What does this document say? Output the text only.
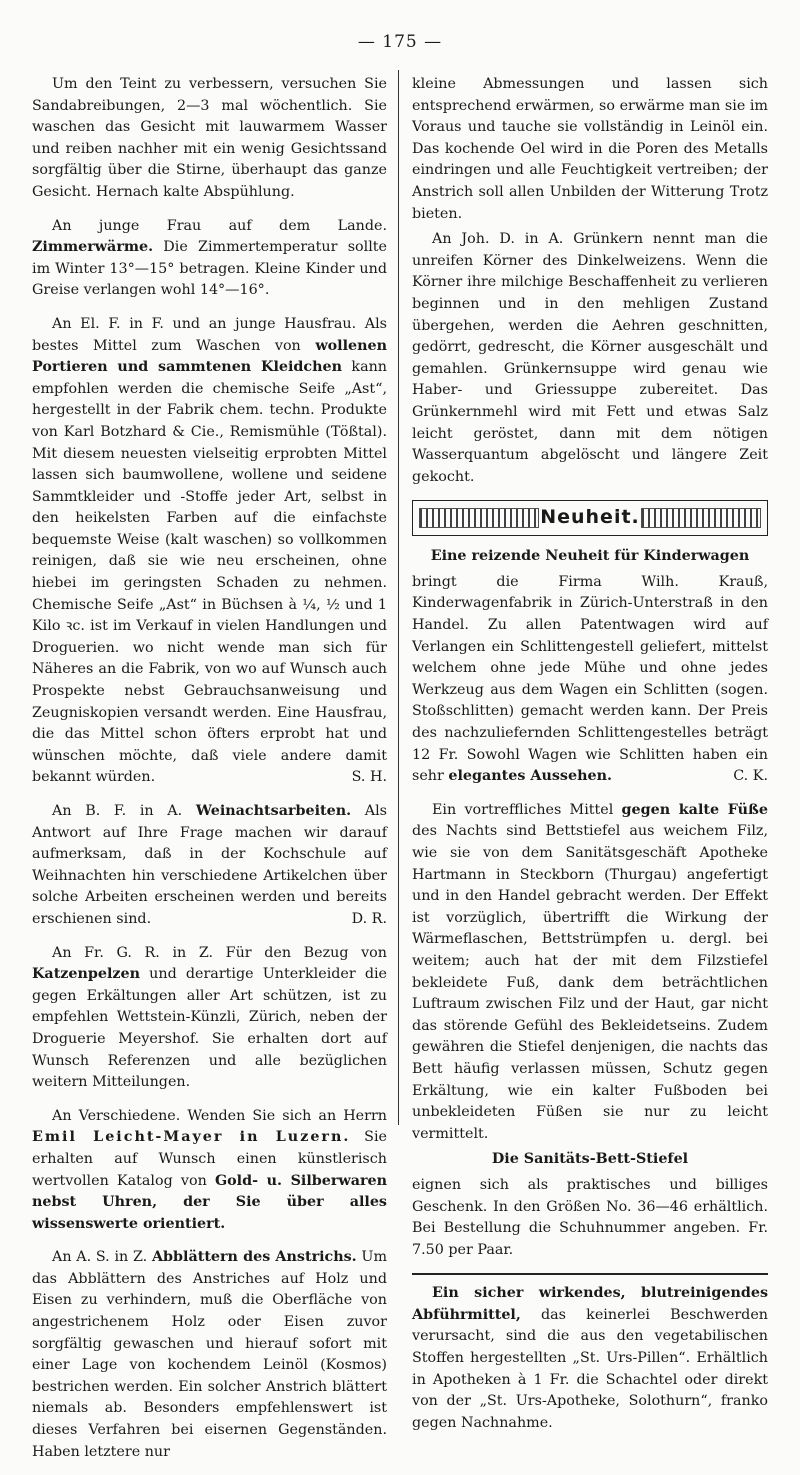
— 175 —

Um den Teint zu verbessern, versuchen Sie Sandabreibungen, 2—3 mal wöchentlich. Sie waschen das Gesicht mit lauwarmem Wasser und reiben nachher mit ein wenig Gesichtssand sorgfältig über die Stirne, überhaupt das ganze Gesicht. Hernach kalte Abspühlung.

An junge Frau auf dem Lande. Zimmerwärme. Die Zimmertemperatur sollte im Winter 13°—15° betragen. Kleine Kinder und Greise verlangen wohl 14°—16°.

An El. F. in F. und an junge Hausfrau. Als bestes Mittel zum Waschen von wollenen Portieren und sammtenen Kleidchen kann empfohlen werden die chemische Seife „Ast“, hergestellt in der Fabrik chem. techn. Produkte von Karl Botzhard & Cie., Remismühle (Tößtal). Mit diesem neuesten vielseitig erprobten Mittel lassen sich baumwollene, wollene und seidene Sammtkleider und -Stoffe jeder Art, selbst in den heikelsten Farben auf die einfachste bequemste Weise (kalt waschen) so vollkommen reinigen, daß sie wie neu erscheinen, ohne hiebei im geringsten Schaden zu nehmen. Chemische Seife „Ast“ in Büchsen à ¼, ½ und 1 Kilo ꝛc. ist im Verkauf in vielen Handlungen und Droguerien. wo nicht wende man sich für Näheres an die Fabrik, von wo auf Wunsch auch Prospekte nebst Gebrauchsanweisung und Zeugniskopien versandt werden. Eine Hausfrau, die das Mittel schon öfters erprobt hat und wünschen möchte, daß viele andere damit bekannt würden.	S. H.

An B. F. in A. Weinachtsarbeiten. Als Antwort auf Ihre Frage machen wir darauf aufmerksam, daß in der Kochschule auf Weihnachten hin verschiedene Artikelchen über solche Arbeiten erscheinen werden und bereits erschienen sind.	D. R.

An Fr. G. R. in Z. Für den Bezug von Katzenpelzen und derartige Unterkleider die gegen Erkältungen aller Art schützen, ist zu empfehlen Wettstein-Künzli, Zürich, neben der Droguerie Meyershof. Sie erhalten dort auf Wunsch Referenzen und alle bezüglichen weitern Mitteilungen.

An Verschiedene. Wenden Sie sich an Herrn Emil Leicht-Mayer in Luzern. Sie erhalten auf Wunsch einen künstlerisch wertvollen Katalog von Gold- u. Silberwaren nebst Uhren, der Sie über alles wissenswerte orientiert.

An A. S. in Z. Abblättern des Anstrichs. Um das Abblättern des Anstriches auf Holz und Eisen zu verhindern, muß die Oberfläche von angestrichenem Holz oder Eisen zuvor sorgfältig gewaschen und hierauf sofort mit einer Lage von kochendem Leinöl (Kosmos) bestrichen werden. Ein solcher Anstrich blättert niemals ab. Besonders empfehlenswert ist dieses Verfahren bei eisernen Gegenständen. Haben letztere nur

kleine Abmessungen und lassen sich entsprechend erwärmen, so erwärme man sie im Voraus und tauche sie vollständig in Leinöl ein. Das kochende Oel wird in die Poren des Metalls eindringen und alle Feuchtigkeit vertreiben; der Anstrich soll allen Unbilden der Witterung Trotz bieten.

An Joh. D. in A. Grünkern nennt man die unreifen Körner des Dinkelweizens. Wenn die Körner ihre milchige Beschaffenheit zu verlieren beginnen und in den mehligen Zustand übergehen, werden die Aehren geschnitten, gedörrt, gedrescht, die Körner ausgeschält und gemahlen. Grünkernsuppe wird genau wie Haber- und Griessuppe zubereitet. Das Grünkernmehl wird mit Fett und etwas Salz leicht geröstet, dann mit dem nötigen Wasserquantum abgelöscht und längere Zeit gekocht.

Neuheit.

Eine reizende Neuheit für Kinderwagen

bringt die Firma Wilh. Krauß, Kinderwagenfabrik in Zürich-Unterstraß in den Handel. Zu allen Patentwagen wird auf Verlangen ein Schlittengestell geliefert, mittelst welchem ohne jede Mühe und ohne jedes Werkzeug aus dem Wagen ein Schlitten (sogen. Stoßschlitten) gemacht werden kann. Der Preis des nachzuliefernden Schlittengestelles beträgt 12 Fr. Sowohl Wagen wie Schlitten haben ein sehr elegantes Aussehen.	C. K.

Ein vortreffliches Mittel gegen kalte Füße des Nachts sind Bettstiefel aus weichem Filz, wie sie von dem Sanitätsgeschäft Apotheke Hartmann in Steckborn (Thurgau) angefertigt und in den Handel gebracht werden. Der Effekt ist vorzüglich, übertrifft die Wirkung der Wärmeflaschen, Bettstrümpfen u. dergl. bei weitem; auch hat der mit dem Filzstiefel bekleidete Fuß, dank dem beträchtlichen Luftraum zwischen Filz und der Haut, gar nicht das störende Gefühl des Bekleidetseins. Zudem gewähren die Stiefel denjenigen, die nachts das Bett häufig verlassen müssen, Schutz gegen Erkältung, wie ein kalter Fußboden bei unbekleideten Füßen sie nur zu leicht vermittelt.

Die Sanitäts-Bett-Stiefel

eignen sich als praktisches und billiges Geschenk. In den Größen No. 36—46 erhältlich. Bei Bestellung die Schuhnummer angeben. Fr. 7.50 per Paar.

Ein sicher wirkendes, blutreinigendes Abführmittel, das keinerlei Beschwerden verursacht, sind die aus den vegetabilischen Stoffen hergestellten „St. Urs-Pillen“. Erhältlich in Apotheken à 1 Fr. die Schachtel oder direkt von der „St. Urs-Apotheke, Solothurn“, franko gegen Nachnahme.
